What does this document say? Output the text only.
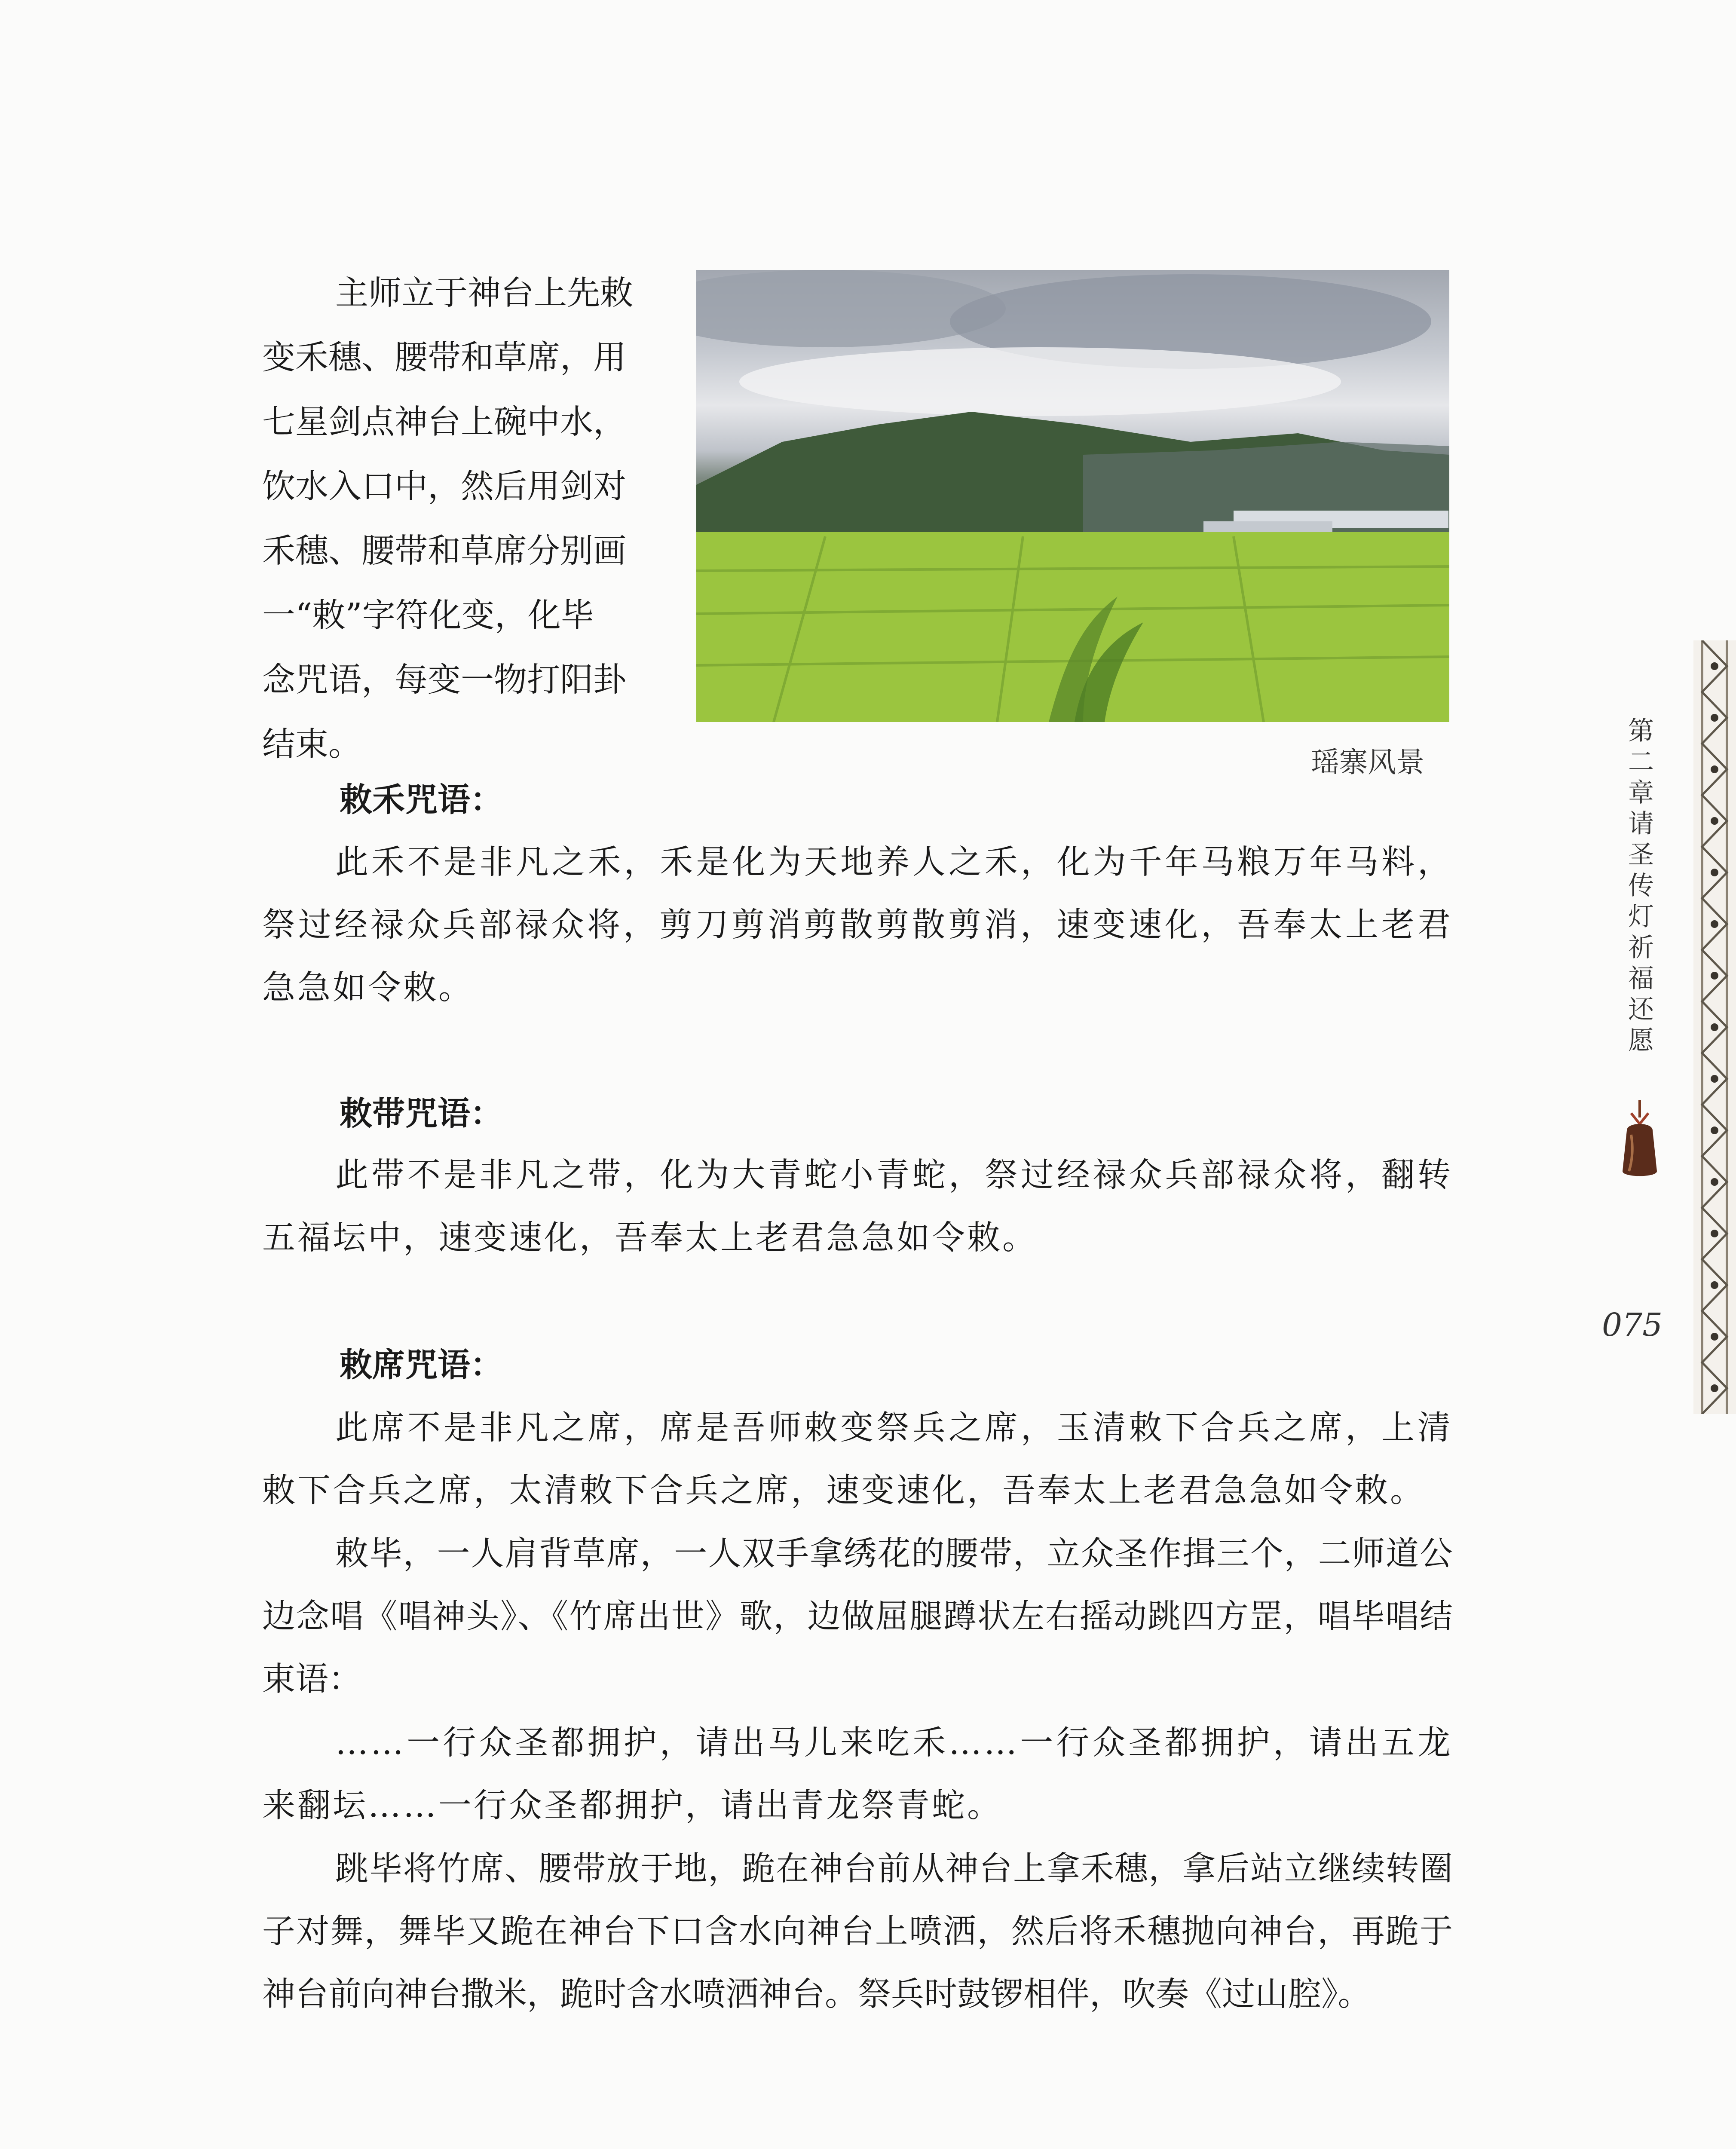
主师立于神台上先敕
变禾穗、腰带和草席，用
七星剑点神台上碗中水，
饮水入口中，然后用剑对
禾穗、腰带和草席分别画
一“敕”字符化变，化毕
念咒语，每变一物打阳卦
结束。	瑶寨风景
敕禾咒语：

此禾不是非凡之禾，禾是化为天地养人之禾，化为千年马粮万年马料，祭过经禄众兵部禄众将，剪刀剪消剪散剪散剪消，速变速化，吾奉太上老君急急如令敕。

敕带咒语：

此带不是非凡之带，化为大青蛇小青蛇，祭过经禄众兵部禄众将，翻转五福坛中，速变速化，吾奉太上老君急急如令敕。

敕席咒语：

此席不是非凡之席，席是吾师敕变祭兵之席，玉清敕下合兵之席，上清敕下合兵之席，太清敕下合兵之席，速变速化，吾奉太上老君急急如令敕。

敕毕，一人肩背草席，一人双手拿绣花的腰带，立众圣作揖三个，二师道公边念唱《唱神头》、《竹席出世》歌，边做屈腿蹲状左右摇动跳四方罡，唱毕唱结束语：

……一行众圣都拥护，请出马儿来吃禾……一行众圣都拥护，请出五龙来翻坛……一行众圣都拥护，请出青龙祭青蛇。

跳毕将竹席、腰带放于地，跪在神台前从神台上拿禾穗，拿后站立继续转圈子对舞，舞毕又跪在神台下口含水向神台上喷洒，然后将禾穗抛向神台，再跪于神台前向神台撒米，跪时含水喷洒神台。祭兵时鼓锣相伴，吹奏《过山腔》。

第
二
章
请
圣
传
灯
祈
福
还
愿
075
